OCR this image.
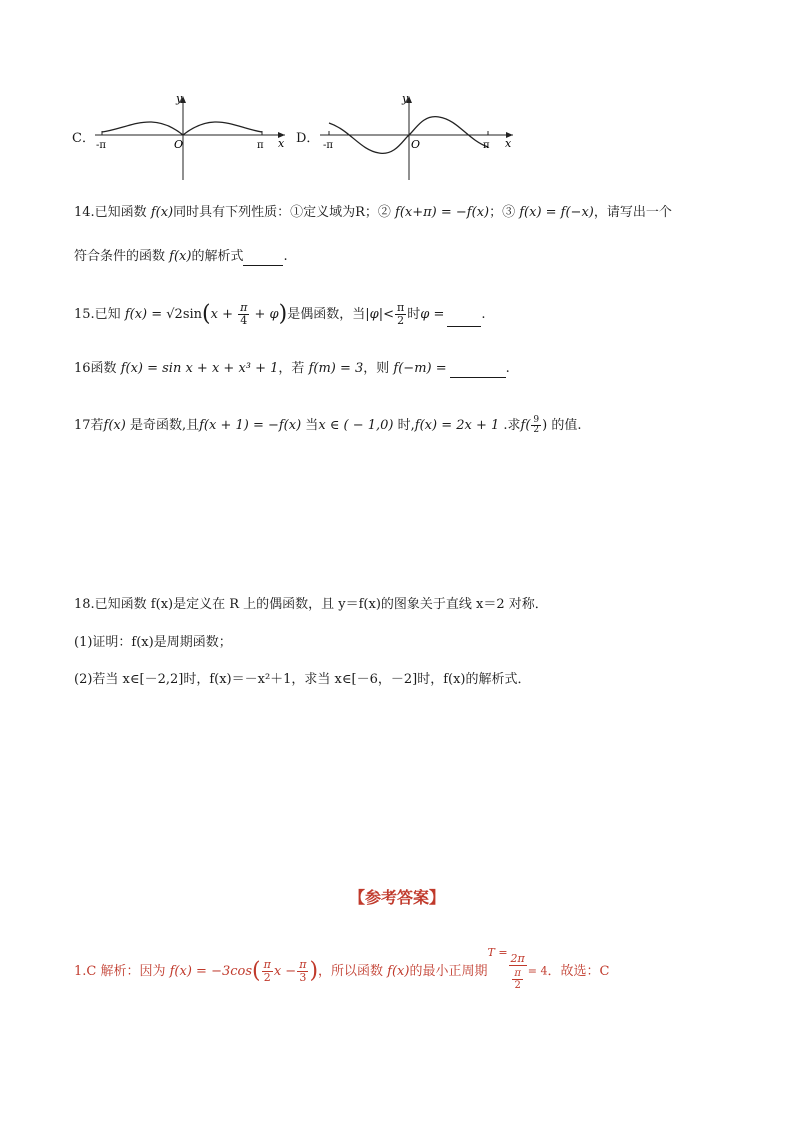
C．
y
x
O
-π	π D．
y
x
O
-π	π
14.已知函数 f(x)同时具有下列性质：①定义域为R；② f(x+π) = −f(x)；③ f(x) = f(−x)，请写出一个
符合条件的函数 f(x)的解析式	.
15.已知 $f(x) = √2\sin(x + \frac{\pi}{4} + \varphi)$是偶函数，当$|\varphi|< \frac{\pi}{2}$ 时φ =	.
16函数 f(x) = sin x + x + x³ + 1，若 f(m) = 3，则 f(−m) =	.
17若f(x) 是奇函数,且f(x + 1) = −f(x) 当x ∈ ( − 1,0) 时,f(x) = 2x + 1 .求$f( \frac{9}{2}$ ) 的值.
18.已知函数 f(x)是定义在 R 上的偶函数，且 y＝f(x)的图象关于直线 x＝2 对称．
(1)证明：f(x)是周期函数；
(2)若当 x∈[－2,2]时，f(x)＝－x²＋1，求当 x∈[－6，－2]时，f(x)的解析式．
【参考答案】
1.C 解析：因为 $f(x) = -3\cos( \frac{\pi}{2}$ $x - \frac{\pi}{3}$ )，所以函数 f(x)的最小正周期$^{T =} \frac{2\pi}{\frac{\pi}{2}} = 4$．故选：C
